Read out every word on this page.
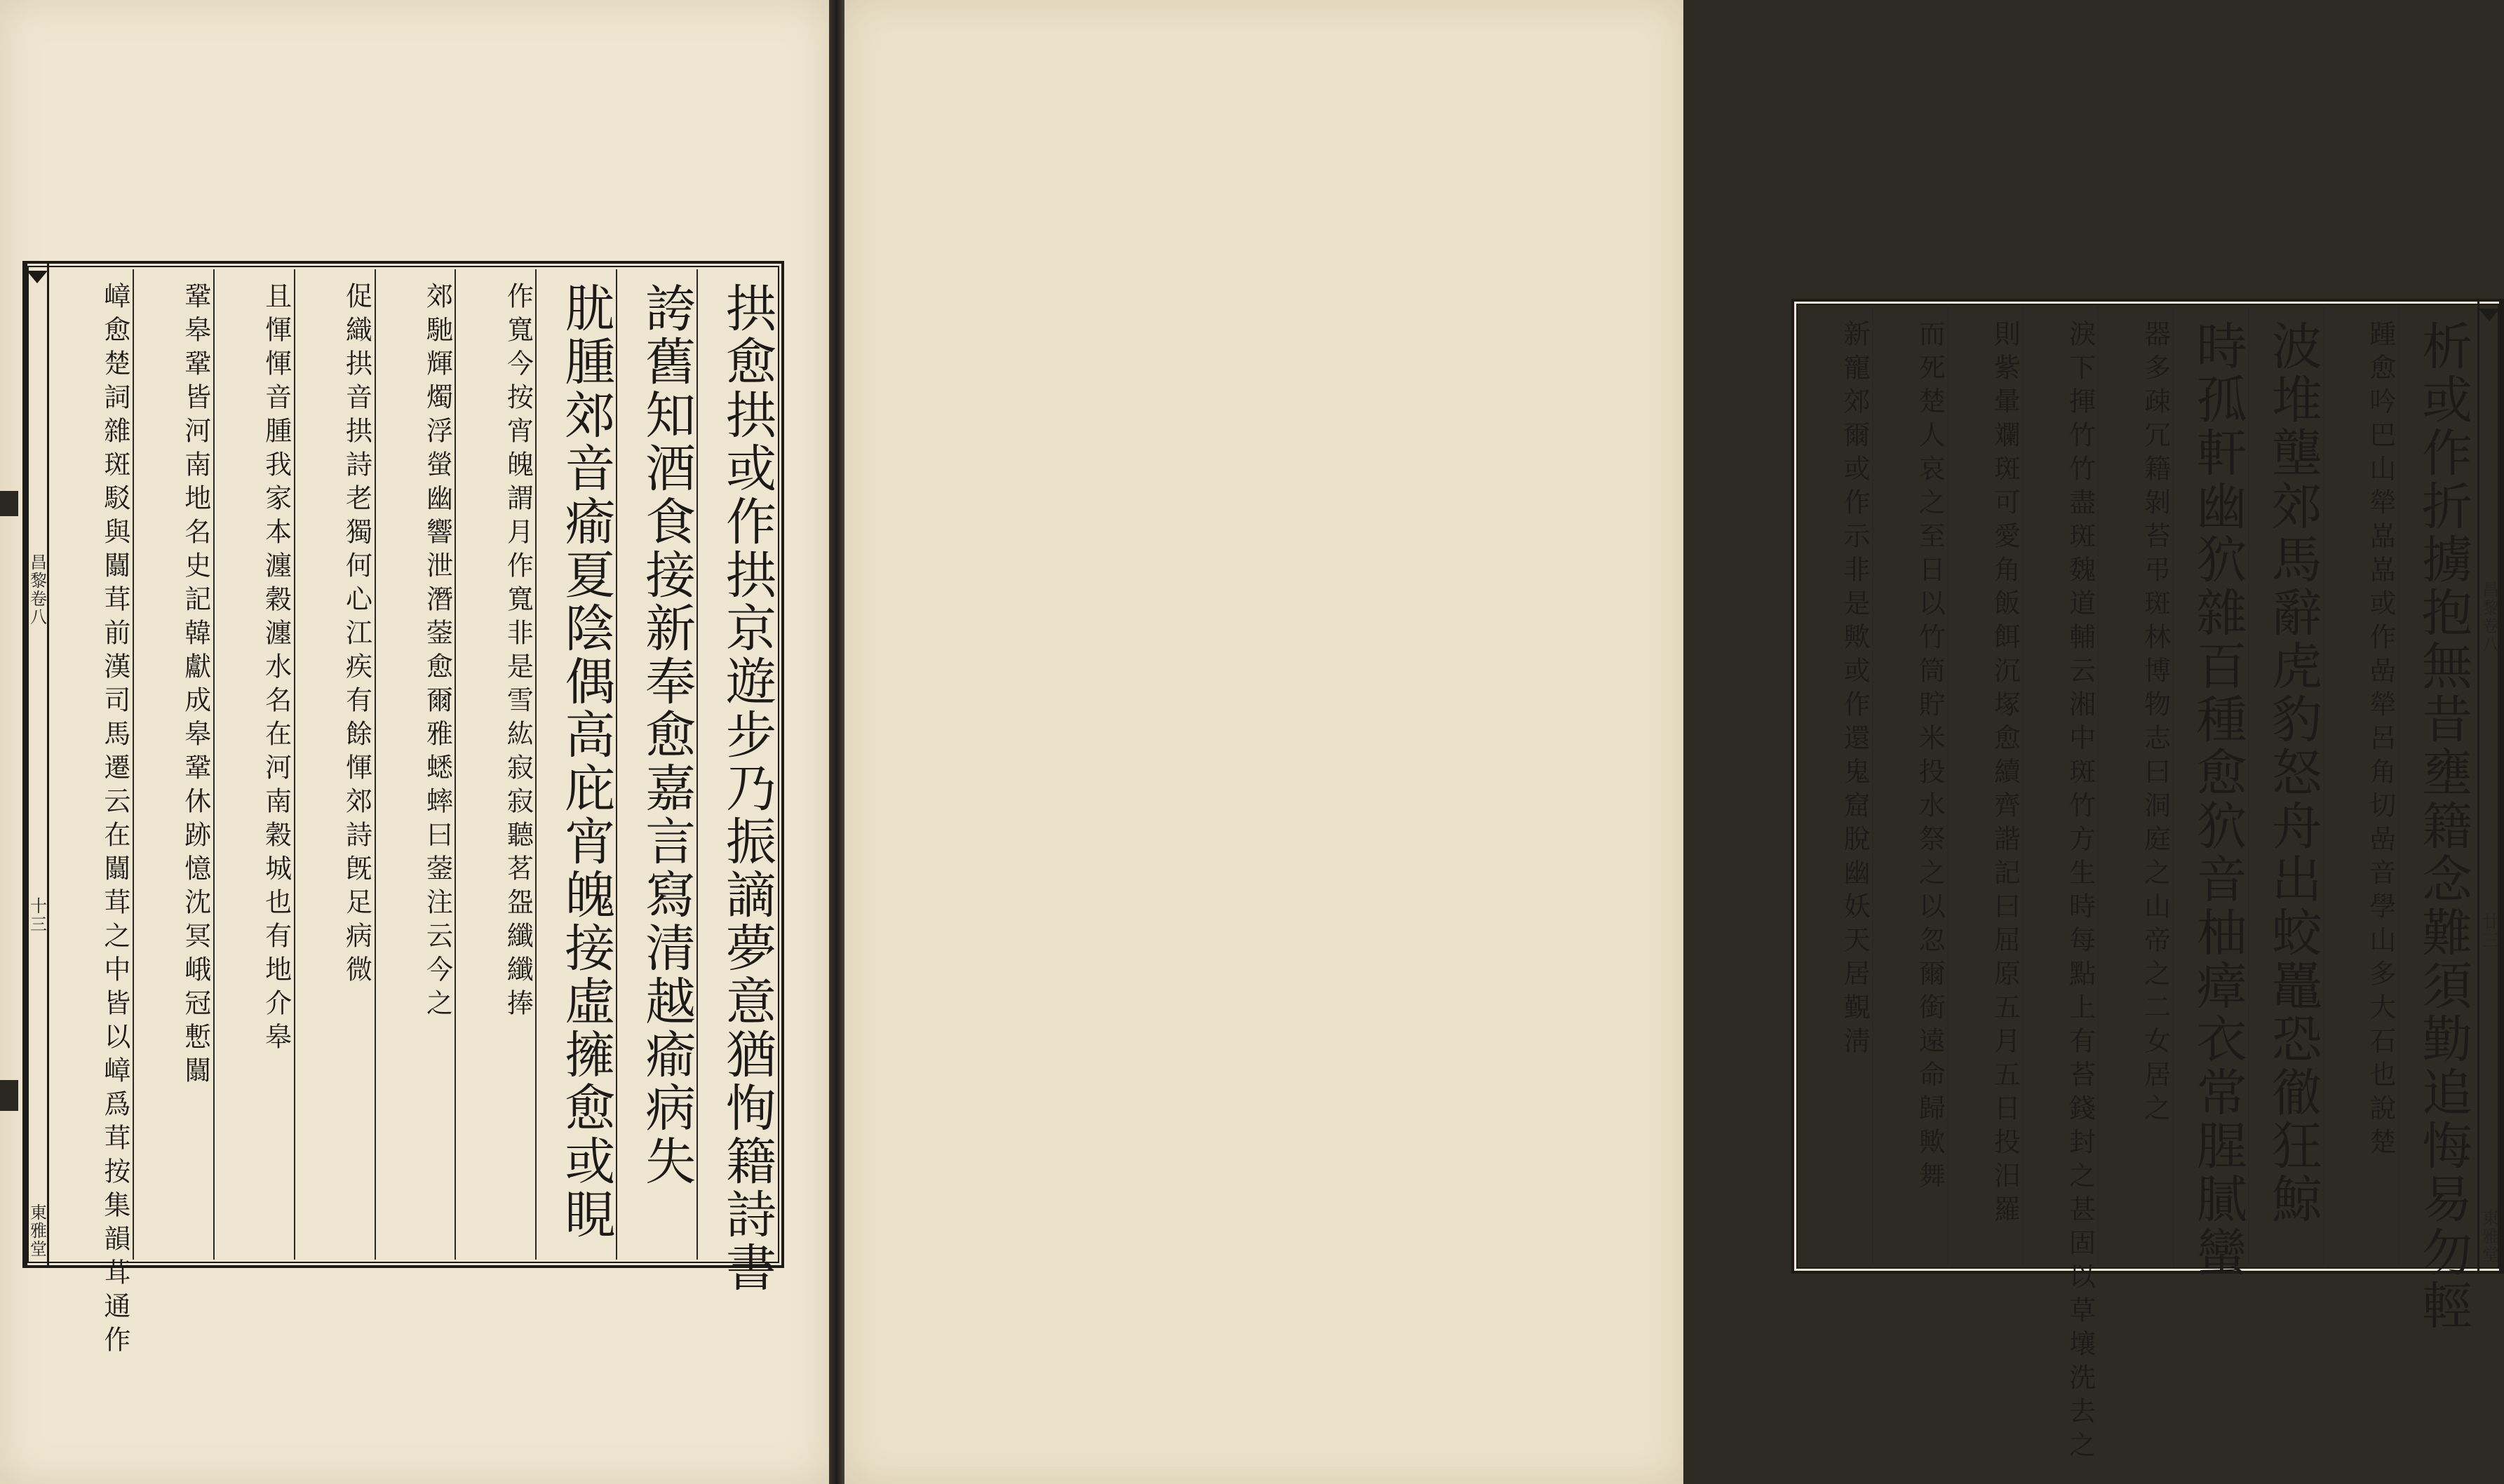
昌黎卷八
十三
東雅堂	拱愈拱或作拱京遊步乃振謫夢意猶恂籍詩書
誇舊知酒食接新奉愈嘉言寫清越瘉病失
肬腫郊音瘉夏陰偶高庇宵魄接虛擁愈或睍
作寬今按宵魄謂月作寬非是雪紘寂寂聽茗盌纖纖捧
郊馳輝燭浮螢幽響泄潛蓥愈爾雅蟋蟀曰蓥注云今之
促織拱音拱詩老獨何心江疾有餘惲郊詩旣足病微
且惲惲音腫我家本瀍穀瀍水名在河南穀城也有地介皋
鞏皋鞏皆河南地名史記韓獻成皋鞏休跡憶沈冥峨冠慙闒
嶂愈楚詞雜斑駁與闒茸前漢司馬遷云在闒茸之中皆以嶂爲茸按集韻茸通作	昌黎卷八
廿三
東雅堂
析或作折擄抱無昔壅籍念難須勤追悔易勿輕
踵愈吟巴山犖嵓嵓或作嵒犖呂角切嵒音學山多大石也說楚
波堆壟郊馬辭虎豹怒舟出蛟鼉恐徹狂鯨
時孤軒幽狖雜百種愈狖音柚瘴衣常腥膩蠻
器多疎冗籍剝苔弔斑林博物志曰洞庭之山帝之二女居之
淚下揮竹竹盡斑魏道輔云湘中斑竹方生時每點上有苔錢封之甚固以草壤洗去之
則紫暈斕斑可愛角飯餌沉塚愈續齊諧記曰屈原五月五日投汨羅
而死楚人哀之至日以竹筒貯米投水祭之以忽爾銜遠命歸歟舞
新寵郊爾或作示非是歟或作還鬼窟脫幽妖天居覲淸
